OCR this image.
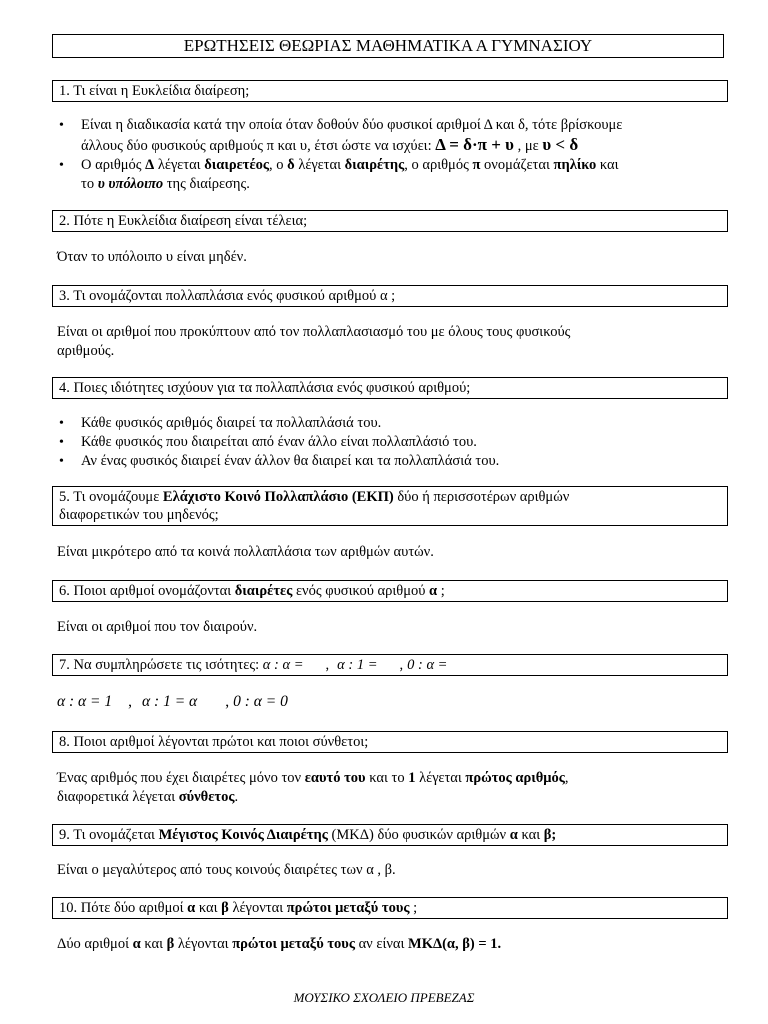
ΕΡΩΤΗΣΕΙΣ ΘΕΩΡΙΑΣ ΜΑΘΗΜΑΤΙΚΑ Α ΓΥΜΝΑΣΙΟΥ
1. Τι είναι η Ευκλείδια διαίρεση;
• Είναι η διαδικασία κατά την οποία όταν δοθούν δύο φυσικοί αριθμοί Δ και δ, τότε βρίσκουμε
άλλους δύο φυσικούς αριθμούς π και υ, έτσι ώστε να ισχύει: Δ = δ·π + υ , με υ < δ
• Ο αριθμός Δ λέγεται διαιρετέος, ο δ λέγεται διαιρέτης, ο αριθμός π ονομάζεται πηλίκο και
το υ υπόλοιπο της διαίρεσης.
2. Πότε η Ευκλείδια διαίρεση είναι τέλεια;
Όταν το υπόλοιπο υ είναι μηδέν.
3. Τι ονομάζονται πολλαπλάσια ενός φυσικού αριθμού α ;
Είναι οι αριθμοί που προκύπτουν από τον πολλαπλασιασμό του με όλους τους φυσικούς
αριθμούς.
4. Ποιες ιδιότητες ισχύουν για τα πολλαπλάσια ενός φυσικού αριθμού;
• Κάθε φυσικός αριθμός διαιρεί τα πολλαπλάσιά του.
• Κάθε φυσικός που διαιρείται από έναν άλλο είναι πολλαπλάσιό του.
• Αν ένας φυσικός διαιρεί έναν άλλον θα διαιρεί και τα πολλαπλάσιά του.
5. Τι ονομάζουμε Ελάχιστο Κοινό Πολλαπλάσιο (ΕΚΠ) δύο ή περισσοτέρων αριθμών
διαφορετικών του μηδενός;
Είναι μικρότερο από τα κοινά πολλαπλάσια των αριθμών αυτών.
6. Ποιοι αριθμοί ονομάζονται διαιρέτες ενός φυσικού αριθμού α ;
Είναι οι αριθμοί που τον διαιρούν.
7. Να συμπληρώσετε τις ισότητες: α : α = , α : 1 = , 0 : α =
α : α = 1 , α : 1 = α , 0 : α = 0
8. Ποιοι αριθμοί λέγονται πρώτοι και ποιοι σύνθετοι;
Ένας αριθμός που έχει διαιρέτες μόνο τον εαυτό του και το 1 λέγεται πρώτος αριθμός,
διαφορετικά λέγεται σύνθετος.
9. Τι ονομάζεται Μέγιστος Κοινός Διαιρέτης (ΜΚΔ) δύο φυσικών αριθμών α και β;
Είναι ο μεγαλύτερος από τους κοινούς διαιρέτες των α , β.
10. Πότε δύο αριθμοί α και β λέγονται πρώτοι μεταξύ τους ;
Δύο αριθμοί α και β λέγονται πρώτοι μεταξύ τους αν είναι ΜΚΔ(α, β) = 1.
ΜΟΥΣΙΚΟ ΣΧΟΛΕΙΟ ΠΡΕΒΕΖΑΣ
